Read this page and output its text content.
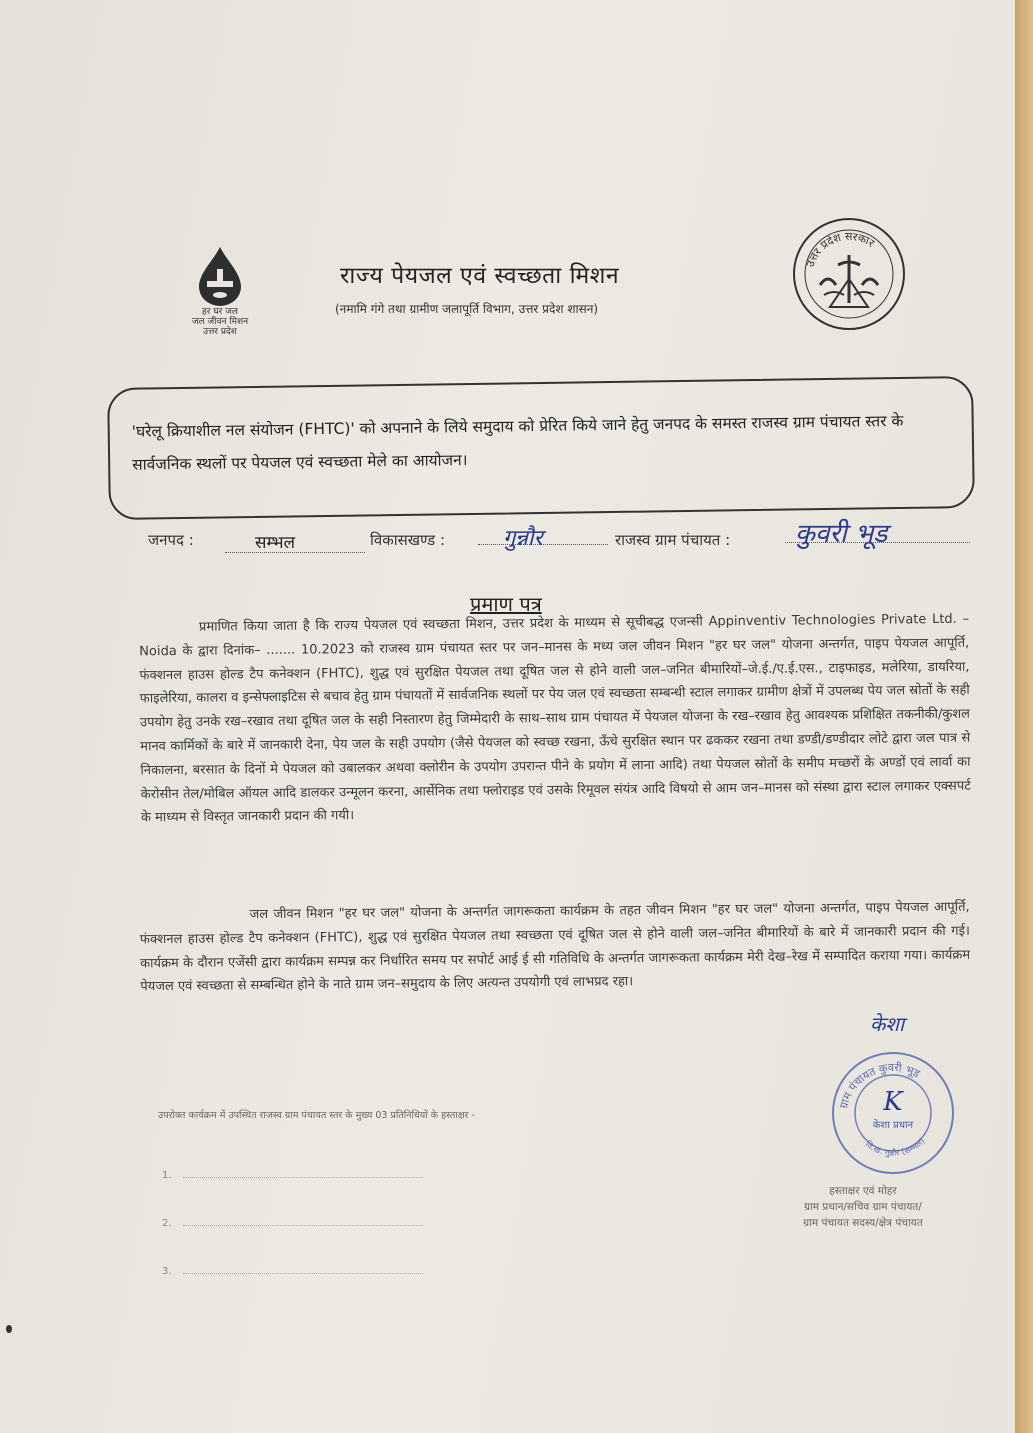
हर घर जल
जल जीवन मिशन
उत्तर प्रदेश
राज्य पेयजल एवं स्वच्छता मिशन
(नमामि गंगे तथा ग्रामीण जलापूर्ति विभाग, उत्तर प्रदेश शासन)
उत्तर प्रदेश सरकार
'घरेलू क्रियाशील नल संयोजन (FHTC)' को अपनाने के लिये समुदाय को प्रेरित किये जाने हेतु जनपद के समस्त राजस्व ग्राम पंचायत स्तर के सार्वजनिक स्थलों पर पेयजल एवं स्वच्छता मेले का आयोजन।
जनपद :	सम्भल	विकासखण्ड :	गुन्नौर	राजस्व ग्राम पंचायत :	कुवरी भूड
प्रमाण पत्र
प्रमाणित किया जाता है कि राज्य पेयजल एवं स्वच्छता मिशन, उत्तर प्रदेश के माध्यम से सूचीबद्ध एजन्सी Appinventiv Technologies Private Ltd. – Noida के द्वारा दिनांक– ....... 10.2023 को राजस्व ग्राम पंचायत स्तर पर जन–मानस के मध्य जल जीवन मिशन "हर घर जल" योजना अन्तर्गत, पाइप पेयजल आपूर्ति, फंक्शनल हाउस होल्ड टैप कनेक्शन (FHTC), शुद्ध एवं सुरक्षित पेयजल तथा दूषित जल से होने वाली जल–जनित बीमारियों–जे.ई./ए.ई.एस., टाइफाइड, मलेरिया, डायरिया, फाइलेरिया, कालरा व इन्सेफ्लाइटिस से बचाव हेतु ग्राम पंचायतों में सार्वजनिक स्थलों पर पेय जल एवं स्वच्छता सम्बन्धी स्टाल लगाकर ग्रामीण क्षेत्रों में उपलब्ध पेय जल स्रोतों के सही उपयोग हेतु उनके रख–रखाव तथा दूषित जल के सही निस्तारण हेतु जिम्मेदारी के साथ–साथ ग्राम पंचायत में पेयजल योजना के रख–रखाव हेतु आवश्यक प्रशिक्षित तकनीकी/कुशल मानव कार्मिकों के बारे में जानकारी देना, पेय जल के सही उपयोग (जैसे पेयजल को स्वच्छ रखना, ऊँचे सुरक्षित स्थान पर ढककर रखना तथा डण्डी/डण्डीदार लोटे द्वारा जल पात्र से निकालना, बरसात के दिनों मे पेयजल को उबालकर अथवा क्लोरीन के उपयोग उपरान्त पीने के प्रयोग में लाना आदि) तथा पेयजल स्रोतों के समीप मच्छरों के अण्डों एवं लार्वा का केरोसीन तेल/मोबिल ऑयल आदि डालकर उन्मूलन करना, आर्सेनिक तथा फ्लोराइड एवं उसके रिमूवल संयंत्र आदि विषयो से आम जन–मानस को संस्था द्वारा स्टाल लगाकर एक्सपर्ट के माध्यम से विस्तृत जानकारी प्रदान की गयी।
जल जीवन मिशन "हर घर जल" योजना के अन्तर्गत जागरूकता कार्यक्रम के तहत जीवन मिशन "हर घर जल" योजना अन्तर्गत, पाइप पेयजल आपूर्ति, फंक्शनल हाउस होल्ड टैप कनेक्शन (FHTC), शुद्ध एवं सुरक्षित पेयजल तथा स्वच्छता एवं दूषित जल से होने वाली जल–जनित बीमारियों के बारे में जानकारी प्रदान की गई। कार्यक्रम के दौरान एजेंसी द्वारा कार्यक्रम सम्पन्न कर निर्धारित समय पर सपोर्ट आई ई सी गतिविधि के अन्तर्गत जागरूकता कार्यक्रम मेरी देख–रेख में सम्पादित कराया गया। कार्यक्रम पेयजल एवं स्वच्छता से सम्बन्धित होने के नाते ग्राम जन–समुदाय के लिए अत्यन्त उपयोगी एवं लाभप्रद रहा।
केशा
ग्राम पंचायत कुवरी भूड
K
केशा प्रधान
वि.ख. गुन्नौर (सम्भल)
उपरोक्त कार्यक्रम में उपस्थित राजस्व ग्राम पंचायत स्तर के मुख्य 03 प्रतिनिधियों के हस्ताक्षर -
1.
2.
3.
हस्ताक्षर एवं मोहर
ग्राम प्रधान/सचिव ग्राम पंचायत/
ग्राम पंचायत सदस्य/क्षेत्र पंचायत
